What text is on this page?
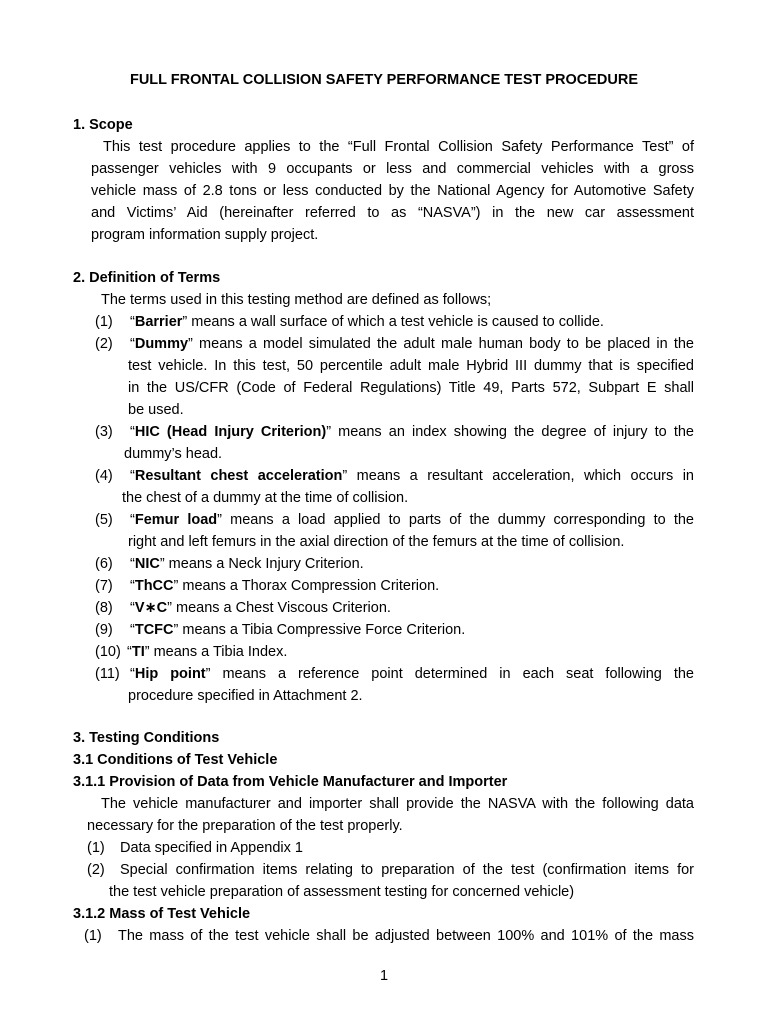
FULL FRONTAL COLLISION SAFETY PERFORMANCE TEST PROCEDURE
1. Scope
This test procedure applies to the “Full Frontal Collision Safety Performance Test” of
passenger vehicles with 9 occupants or less and commercial vehicles with a gross
vehicle mass of 2.8 tons or less conducted by the National Agency for Automotive Safety
and Victims’ Aid (hereinafter referred to as “NASVA”) in the new car assessment
program information supply project.
2. Definition of Terms
The terms used in this testing method are defined as follows;
(1) “Barrier” means a wall surface of which a test vehicle is caused to collide.
(2) “Dummy” means a model simulated the adult male human body to be placed in the
test vehicle. In this test, 50 percentile adult male Hybrid III dummy that is specified
in the US/CFR (Code of Federal Regulations) Title 49, Parts 572, Subpart E shall
be used.
(3) “HIC (Head Injury Criterion)” means an index showing the degree of injury to the
dummy’s head.
(4) “Resultant chest acceleration” means a resultant acceleration, which occurs in
the chest of a dummy at the time of collision.
(5) “Femur load” means a load applied to parts of the dummy corresponding to the
right and left femurs in the axial direction of the femurs at the time of collision.
(6) “NIC” means a Neck Injury Criterion.
(7) “ThCC” means a Thorax Compression Criterion.
(8) “V∗C” means a Chest Viscous Criterion.
(9) “TCFC” means a Tibia Compressive Force Criterion.
(10) “TI” means a Tibia Index.
(11) “Hip point” means a reference point determined in each seat following the
procedure specified in Attachment 2.
3. Testing Conditions
3.1 Conditions of Test Vehicle
3.1.1 Provision of Data from Vehicle Manufacturer and Importer
The vehicle manufacturer and importer shall provide the NASVA with the following data
necessary for the preparation of the test properly.
(1) Data specified in Appendix 1
(2) Special confirmation items relating to preparation of the test (confirmation items for
the test vehicle preparation of assessment testing for concerned vehicle)
3.1.2 Mass of Test Vehicle
(1) The mass of the test vehicle shall be adjusted between 100% and 101% of the mass
1
